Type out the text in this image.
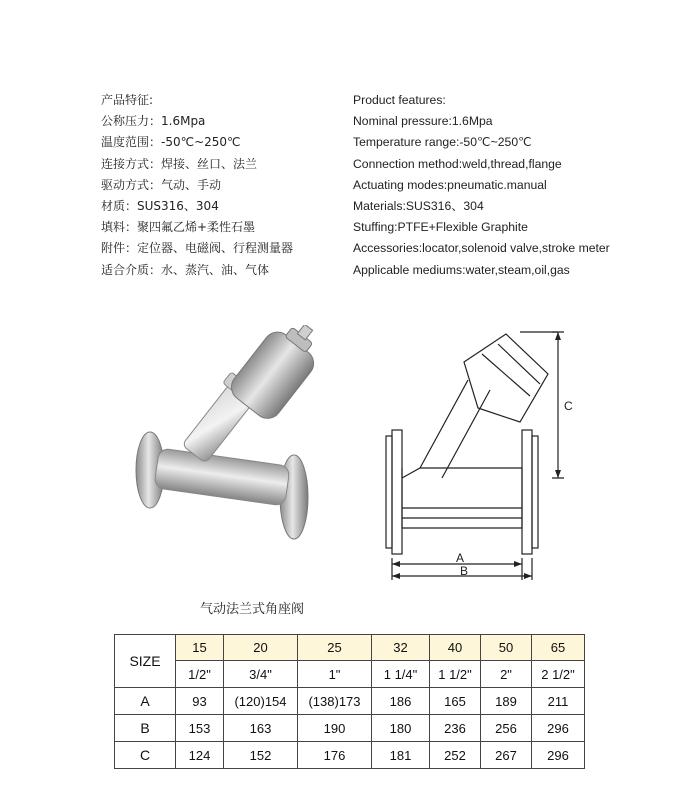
产品特征:
公称压力：1.6Mpa
温度范围：-50℃~250℃
连接方式：焊接、丝口、法兰
驱动方式：气动、手动
材质：SUS316、304
填料：聚四氟乙烯+柔性石墨
附件：定位器、电磁阀、行程测量器
适合介质：水、蒸汽、油、气体
Product features:
Nominal pressure:1.6Mpa
Temperature range:-50℃~250℃
Connection method:weld,thread,flange
Actuating modes:pneumatic.manual
Materials:SUS316、304
Stuffing:PTFE+Flexible Graphite
Accessories:locator,solenoid valve,stroke meter
Applicable mediums:water,steam,oil,gas
A
B
C
气动法兰式角座阀
SIZE	15	20	25	32	40	50	65
	1/2"	3/4"	1"	1 1/4"	1 1/2"	2"	2 1/2"
A	93	(120)154	(138)173	186	165	189	211
B	153	163	190	180	236	256	296
C	124	152	176	181	252	267	296
